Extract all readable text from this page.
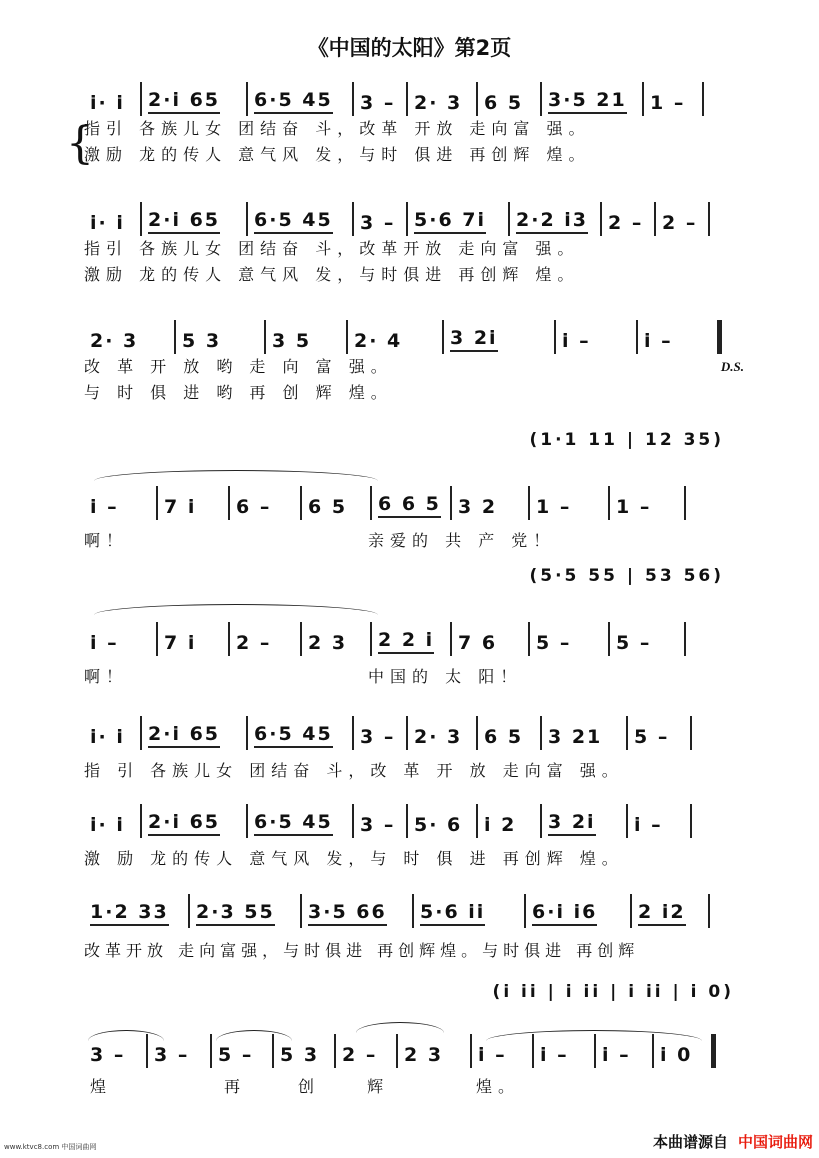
《中国的太阳》第2页
i· i 2·i 65 6·5 45 3 – 2· 3 6 5 3·5 21 1 –
指引 各族儿女 团结奋 斗，改革 开放 走向富 强。
激励 龙的传人 意气风 发，与时 俱进 再创辉 煌。
{
i· i 2·i 65 6·5 45 3 – 5·6 7i 2·2 i3 2 – 2 –
指引 各族儿女 团结奋 斗，改革开放 走向富 强。
激励 龙的传人 意气风 发，与时俱进 再创辉 煌。
2· 3 5 3	3 5 2· 4	3 2i	i –	i –
改 革 开 放 哟 走 向 富 强。	D.S.
与 时 俱 进 哟 再 创 辉 煌。
(1·1 11 | 12 35)
i – 7 i 6 – 6 5 6 6 5 3 2 1 – 1 –
啊！	亲爱的 共 产 党！
(5·5 55 | 53 56)
i – 7 i 2 – 2 3 2 2 i 7 6 5 – 5 –
啊！	中国的 太 阳！
i· i 2·i 65 6·5 45 3 – 2· 3 6 5 3 21 5 –
指 引 各族儿女 团结奋 斗，改 革 开 放 走向富 强。
i· i 2·i 65 6·5 45 3 – 5· 6 i 2 3 2i i –
激 励 龙的传人 意气风 发，与 时 俱 进 再创辉 煌。
1·2 33 2·3 55 3·5 66 5·6 ii 6·i i6 2 i2
改革开放 走向富强，与时俱进 再创辉煌。与时俱进 再创辉
(i ii | i ii | i ii | i 0)
3 – 3 – 5 – 5 3 2 – 2 3 i – i – i – i 0
煌	再	创 辉	煌。
www.ktvc8.com 中国词曲网	本曲谱源自 中国词曲网
